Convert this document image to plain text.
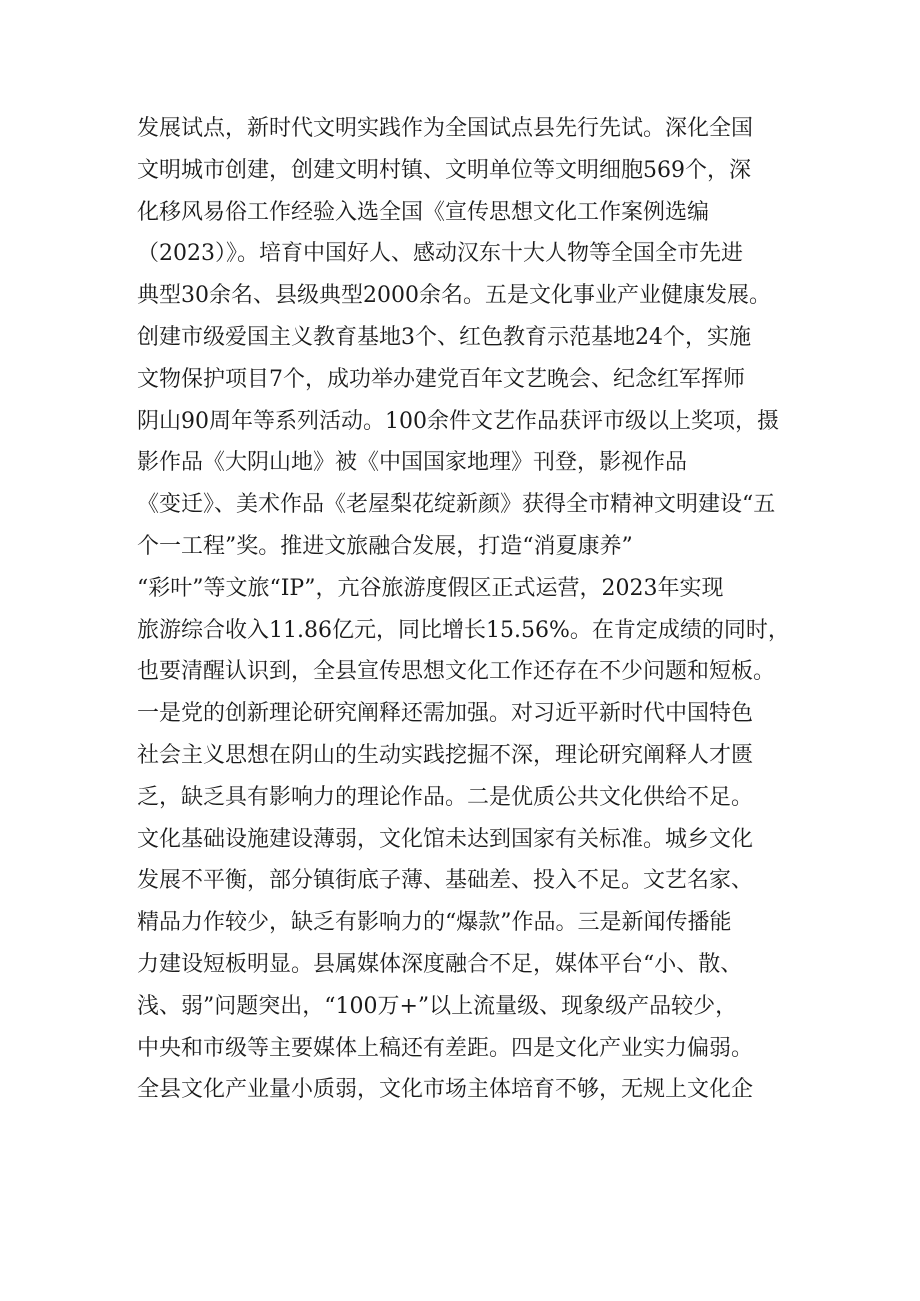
发展试点，新时代文明实践作为全国试点县先行先试。深化全国
文明城市创建，创建文明村镇、文明单位等文明细胞569个，深
化移风易俗工作经验入选全国《宣传思想文化工作案例选编
（2023）》。培育中国好人、感动汉东十大人物等全国全市先进
典型30余名、县级典型2000余名。五是文化事业产业健康发展。
创建市级爱国主义教育基地3个、红色教育示范基地24个，实施
文物保护项目7个，成功举办建党百年文艺晚会、纪念红军挥师
阴山90周年等系列活动。100余件文艺作品获评市级以上奖项，摄
影作品《大阴山地》被《中国国家地理》刊登，影视作品
《变迁》、美术作品《老屋梨花绽新颜》获得全市精神文明建设“五
个一工程”奖。推进文旅融合发展，打造“消夏康养”
“彩叶”等文旅“IP”，亢谷旅游度假区正式运营，2023年实现
旅游综合收入11.86亿元，同比增长15.56%。在肯定成绩的同时，
也要清醒认识到，全县宣传思想文化工作还存在不少问题和短板。
一是党的创新理论研究阐释还需加强。对习近平新时代中国特色
社会主义思想在阴山的生动实践挖掘不深，理论研究阐释人才匮
乏，缺乏具有影响力的理论作品。二是优质公共文化供给不足。
文化基础设施建设薄弱，文化馆未达到国家有关标准。城乡文化
发展不平衡，部分镇街底子薄、基础差、投入不足。文艺名家、
精品力作较少，缺乏有影响力的“爆款”作品。三是新闻传播能
力建设短板明显。县属媒体深度融合不足，媒体平台“小、散、
浅、弱”问题突出，“100万+”以上流量级、现象级产品较少，
中央和市级等主要媒体上稿还有差距。四是文化产业实力偏弱。
全县文化产业量小质弱，文化市场主体培育不够，无规上文化企
